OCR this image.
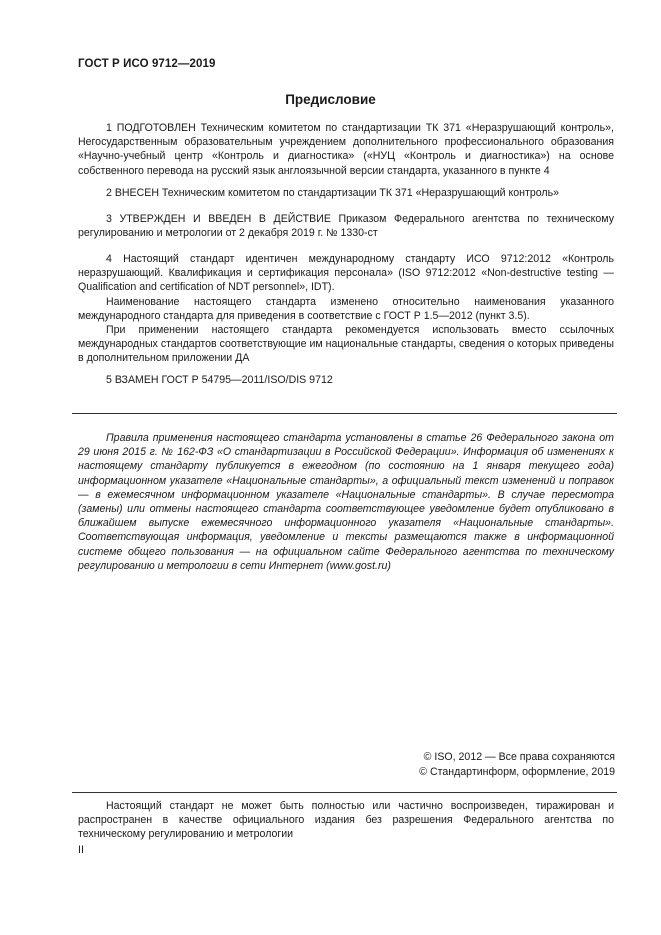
ГОСТ Р ИСО 9712—2019
Предисловие

1 ПОДГОТОВЛЕН Техническим комитетом по стандартизации ТК 371 «Неразрушающий контроль», Негосударственным образовательным учреждением дополнительного профессионального образования «Научно-учебный центр «Контроль и диагностика» («НУЦ «Контроль и диагностика») на основе собственного перевода на русский язык англоязычной версии стандарта, указанного в пункте 4

2 ВНЕСЕН Техническим комитетом по стандартизации ТК 371 «Неразрушающий контроль»

3 УТВЕРЖДЕН И ВВЕДЕН В ДЕЙСТВИЕ Приказом Федерального агентства по техническому регулированию и метрологии от 2 декабря 2019 г. № 1330-ст

4 Настоящий стандарт идентичен международному стандарту ИСО 9712:2012 «Контроль неразрушающий. Квалификация и сертификация персонала» (ISO 9712:2012 «Non-destructive testing — Qualification and certification of NDT personnel», IDT).

Наименование настоящего стандарта изменено относительно наименования указанного международного стандарта для приведения в соответствие с ГОСТ Р 1.5—2012 (пункт 3.5).

При применении настоящего стандарта рекомендуется использовать вместо ссылочных международных стандартов соответствующие им национальные стандарты, сведения о которых приведены в дополнительном приложении ДА

5 ВЗАМЕН ГОСТ Р 54795—2011/ISO/DIS 9712

Правила применения настоящего стандарта установлены в статье 26 Федерального закона от 29 июня 2015 г. № 162-ФЗ «О стандартизации в Российской Федерации». Информация об изменениях к настоящему стандарту публикуется в ежегодном (по состоянию на 1 января текущего года) информационном указателе «Национальные стандарты», а официальный текст изменений и поправок — в ежемесячном информационном указателе «Национальные стандарты». В случае пересмотра (замены) или отмены настоящего стандарта соответствующее уведомление будет опубликовано в ближайшем выпуске ежемесячного информационного указателя «Национальные стандарты». Соответствующая информация, уведомление и тексты размещаются также в информационной системе общего пользования — на официальном сайте Федерального агентства по техническому регулированию и метрологии в сети Интернет (www.gost.ru)

© ISO, 2012 — Все права сохраняются
© Стандартинформ, оформление, 2019

Настоящий стандарт не может быть полностью или частично воспроизведен, тиражирован и распространен в качестве официального издания без разрешения Федерального агентства по техническому регулированию и метрологии

II
